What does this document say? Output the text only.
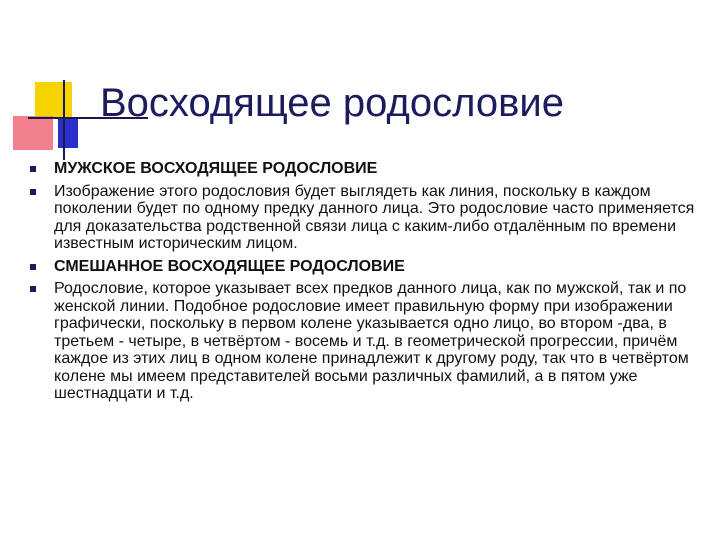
Восходящее родословие
МУЖСКОЕ ВОСХОДЯЩЕЕ РОДОСЛОВИЕ
Изображение этого родословия будет выглядеть как линия, поскольку в каждом поколении будет по одному предку данного лица. Это родословие часто применяется для доказательства родственной связи лица с каким-либо отдалённым по времени известным историческим лицом.
СМЕШАННОЕ ВОСХОДЯЩЕЕ РОДОСЛОВИЕ
Родословие, которое указывает всех предков данного лица, как по мужской, так и по женской линии. Подобное родословие имеет правильную форму при изображении графически, поскольку в первом колене указывается одно лицо, во втором -два, в третьем - четыре, в четвёртом - восемь и т.д. в геометрической прогрессии, причём каждое из этих лиц в одном колене принадлежит к другому роду, так что в четвёртом колене мы имеем представителей восьми различных фамилий, а в пятом уже шестнадцати и т.д.
